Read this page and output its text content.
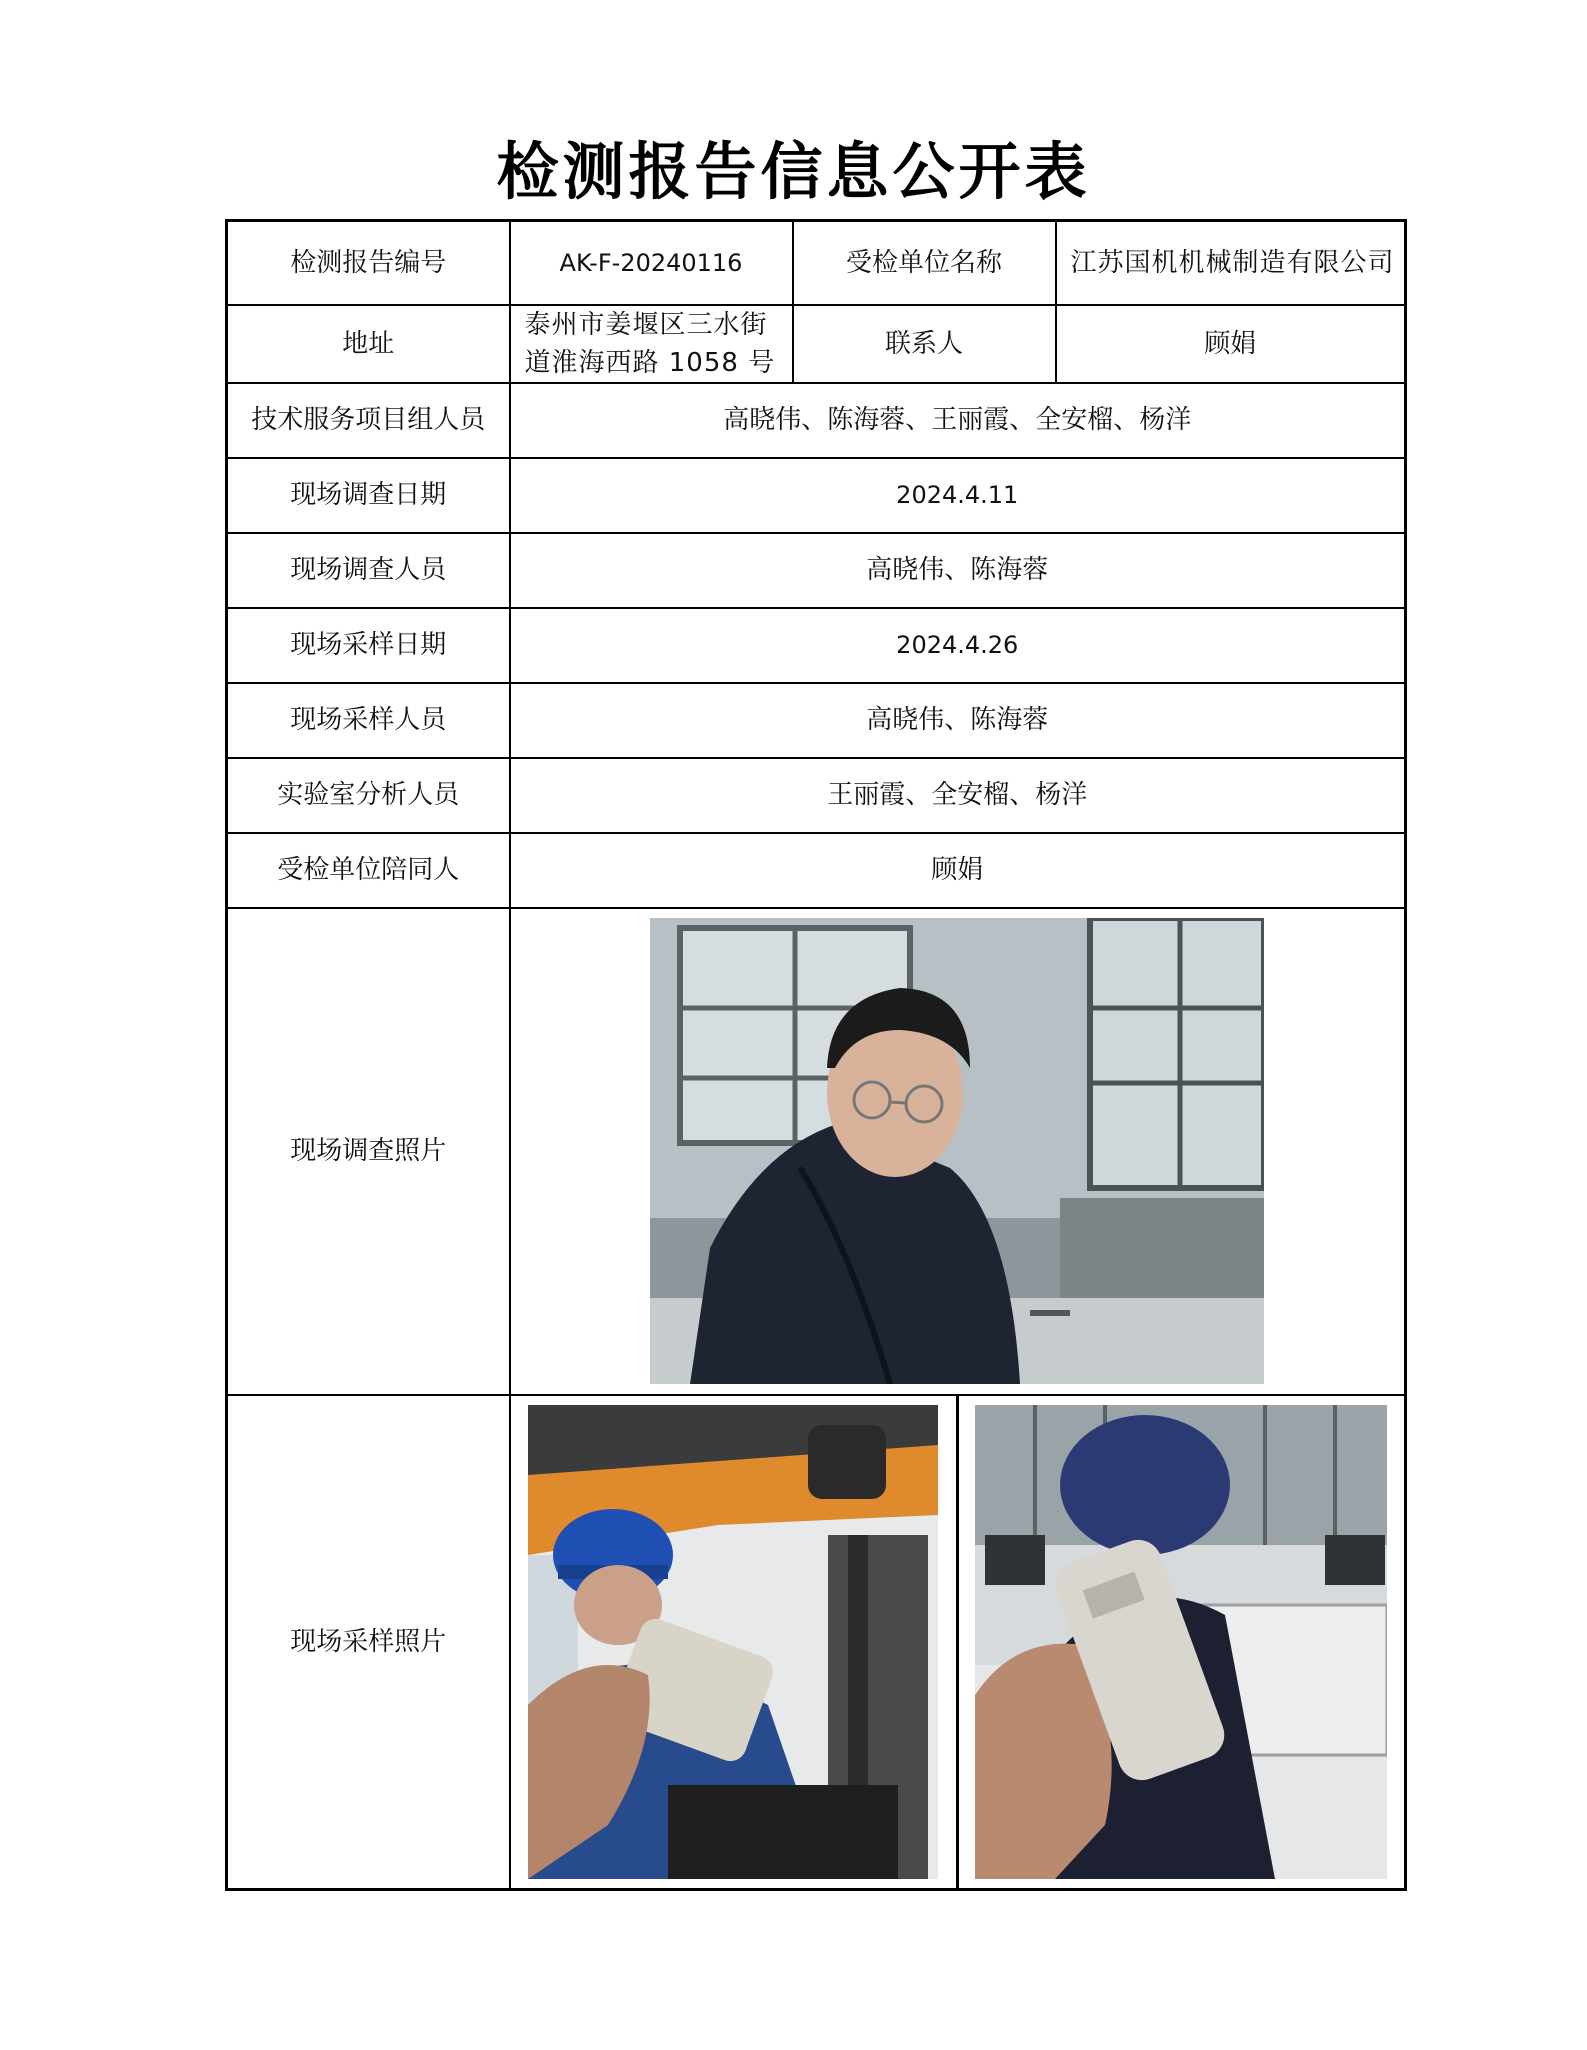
检测报告信息公开表
检测报告编号	AK-F-20240116	受检单位名称	江苏国机机械制造有限公司
地址	泰州市姜堰区三水街道淮海西路 1058 号	联系人	顾娟
技术服务项目组人员	高晓伟、陈海蓉、王丽霞、全安榴、杨洋		
现场调查日期	2024.4.11		
现场调查人员	高晓伟、陈海蓉		
现场采样日期	2024.4.26		
现场采样人员	高晓伟、陈海蓉		
实验室分析人员	王丽霞、全安榴、杨洋		
受检单位陪同人	顾娟		
现场调查照片	

现场采样照片	
